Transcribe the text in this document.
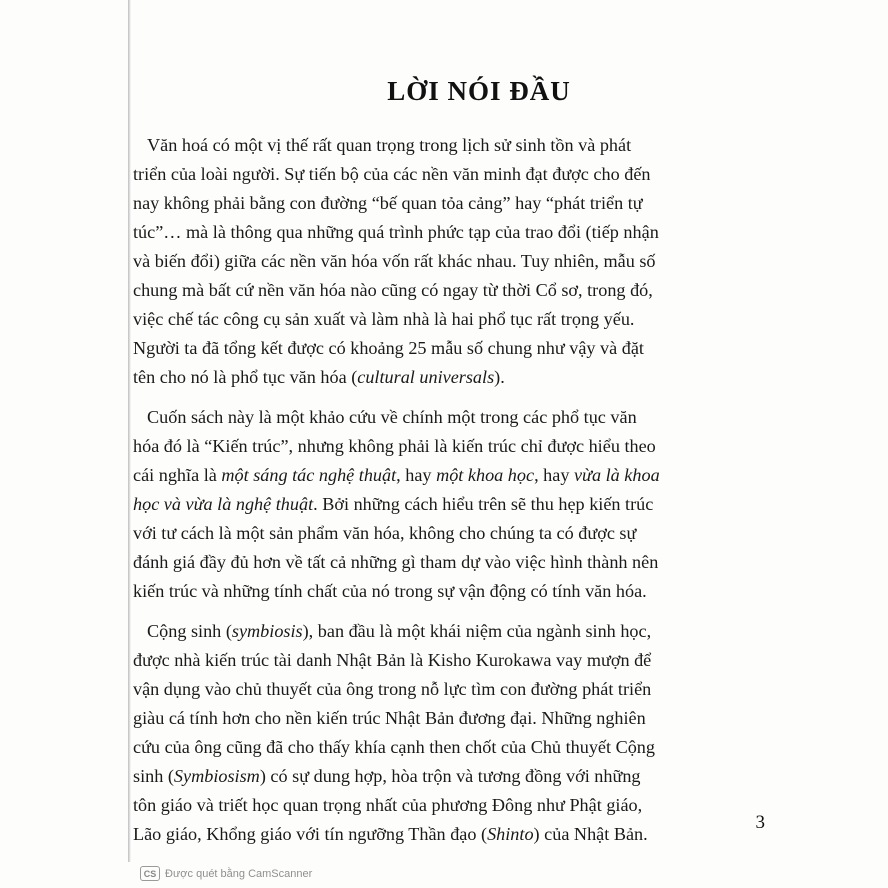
LỜI NÓI ĐẦU

Văn hoá có một vị thế rất quan trọng trong lịch sử sinh tồn và phát
triển của loài người. Sự tiến bộ của các nền văn minh đạt được cho đến
nay không phải bằng con đường “bế quan tỏa cảng” hay “phát triển tự
túc”… mà là thông qua những quá trình phức tạp của trao đổi (tiếp nhận
và biến đổi) giữa các nền văn hóa vốn rất khác nhau. Tuy nhiên, mẫu số
chung mà bất cứ nền văn hóa nào cũng có ngay từ thời Cổ sơ, trong đó,
việc chế tác công cụ sản xuất và làm nhà là hai phổ tục rất trọng yếu.
Người ta đã tổng kết được có khoảng 25 mẫu số chung như vậy và đặt
tên cho nó là phổ tục văn hóa (cultural universals).

Cuốn sách này là một khảo cứu về chính một trong các phổ tục văn
hóa đó là “Kiến trúc”, nhưng không phải là kiến trúc chỉ được hiểu theo
cái nghĩa là một sáng tác nghệ thuật, hay một khoa học, hay vừa là khoa
học và vừa là nghệ thuật. Bởi những cách hiểu trên sẽ thu hẹp kiến trúc
với tư cách là một sản phẩm văn hóa, không cho chúng ta có được sự
đánh giá đầy đủ hơn về tất cả những gì tham dự vào việc hình thành nên
kiến trúc và những tính chất của nó trong sự vận động có tính văn hóa.

Cộng sinh (symbiosis), ban đầu là một khái niệm của ngành sinh học,
được nhà kiến trúc tài danh Nhật Bản là Kisho Kurokawa vay mượn để
vận dụng vào chủ thuyết của ông trong nỗ lực tìm con đường phát triển
giàu cá tính hơn cho nền kiến trúc Nhật Bản đương đại. Những nghiên
cứu của ông cũng đã cho thấy khía cạnh then chốt của Chủ thuyết Cộng
sinh (Symbiosism) có sự dung hợp, hòa trộn và tương đồng với những
tôn giáo và triết học quan trọng nhất của phương Đông như Phật giáo,
Lão giáo, Khổng giáo với tín ngưỡng Thần đạo (Shinto) của Nhật Bản.

3
CS Được quét bằng CamScanner
